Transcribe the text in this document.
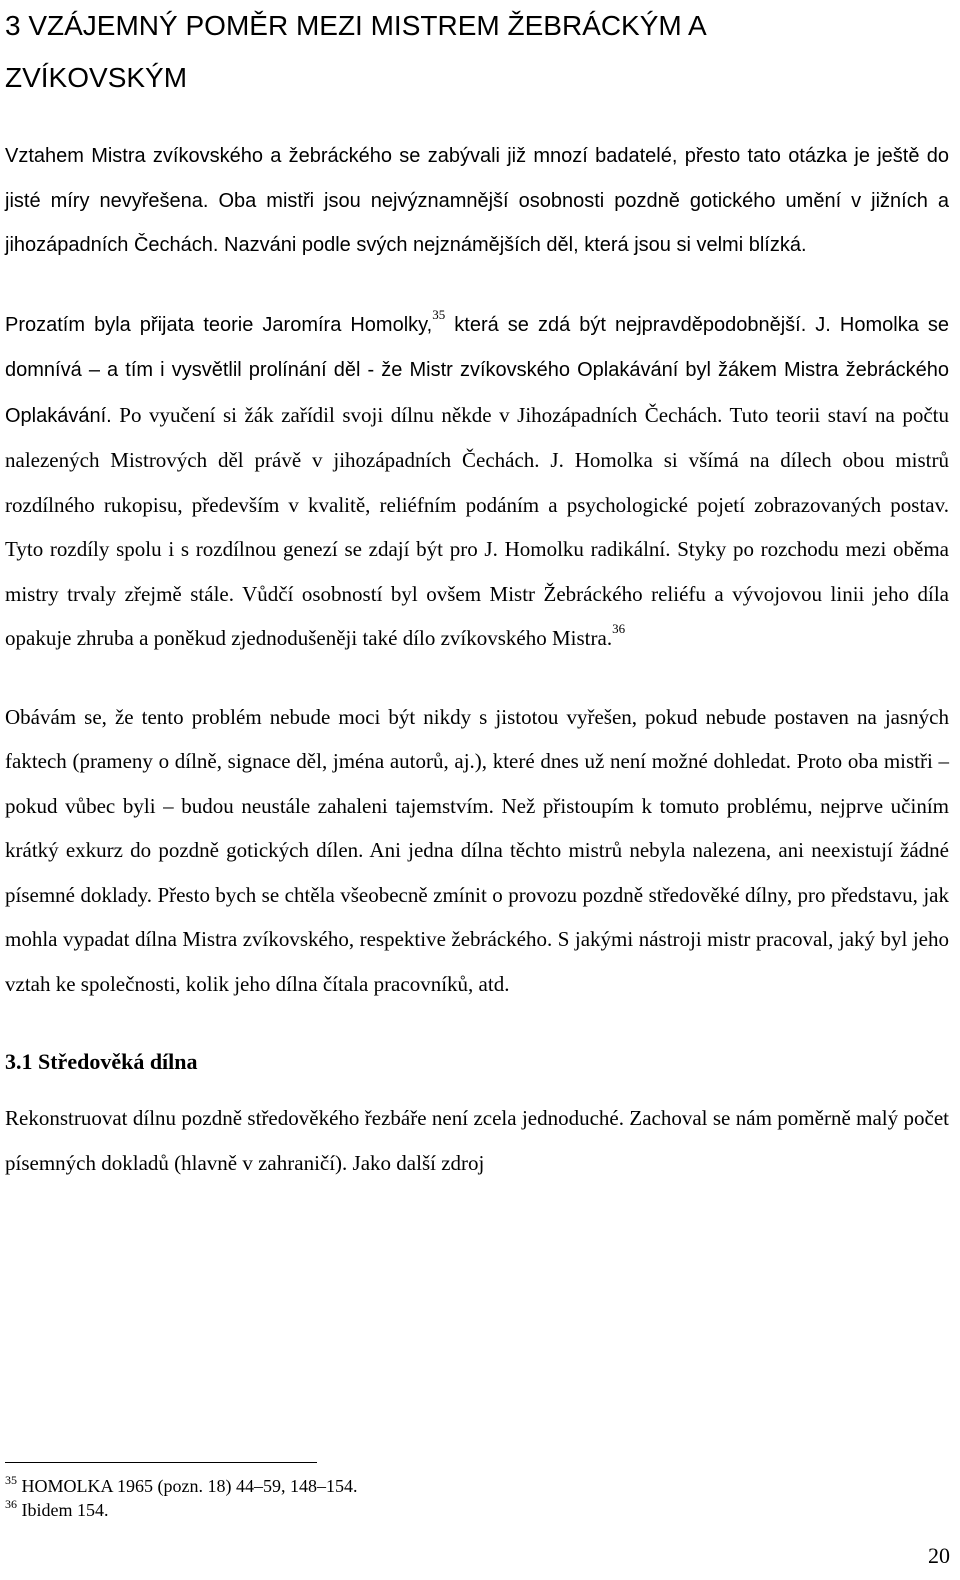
3 VZÁJEMNÝ POMĚR MEZI MISTREM ŽEBRÁCKÝM A
ZVÍKOVSKÝM

Vztahem Mistra zvíkovského a žebráckého se zabývali již mnozí badatelé, přesto tato otázka je ještě do jisté míry nevyřešena. Oba mistři jsou nejvýznamnější osobnosti pozdně gotického umění v jižních a jihozápadních Čechách. Nazváni podle svých nejznámějších děl, která jsou si velmi blízká.

Prozatím byla přijata teorie Jaromíra Homolky,$^{35}$ která se zdá být nejpravděpodobnější. J. Homolka se domnívá – a tím i vysvětlil prolínání děl - že Mistr zvíkovského Oplakávání byl žákem Mistra žebráckého Oplakávání. Po vyučení si žák zařídil svoji dílnu někde v Jihozápadních Čechách. Tuto teorii staví na počtu nalezených Mistrových děl právě v jihozápadních Čechách. J. Homolka si všímá na dílech obou mistrů rozdílného rukopisu, především v kvalitě, reliéfním podáním a psychologické pojetí zobrazovaných postav. Tyto rozdíly spolu i s rozdílnou genezí se zdají být pro J. Homolku radikální. Styky po rozchodu mezi oběma mistry trvaly zřejmě stále. Vůdčí osobností byl ovšem Mistr Žebráckého reliéfu a vývojovou linii jeho díla opakuje zhruba a poněkud zjednodušeněji také dílo zvíkovského Mistra.$^{36}$

Obávám se, že tento problém nebude moci být nikdy s jistotou vyřešen, pokud nebude postaven na jasných faktech (prameny o dílně, signace děl, jména autorů, aj.), které dnes už není možné dohledat. Proto oba mistři – pokud vůbec byli – budou neustále zahaleni tajemstvím. Než přistoupím k tomuto problému, nejprve učiním krátký exkurz do pozdně gotických dílen. Ani jedna dílna těchto mistrů nebyla nalezena, ani neexistují žádné písemné doklady. Přesto bych se chtěla všeobecně zmínit o provozu pozdně středověké dílny, pro představu, jak mohla vypadat dílna Mistra zvíkovského, respektive žebráckého. S jakými nástroji mistr pracoval, jaký byl jeho vztah ke společnosti, kolik jeho dílna čítala pracovníků, atd.

3.1 Středověká dílna

Rekonstruovat dílnu pozdně středověkého řezbáře není zcela jednoduché. Zachoval se nám poměrně malý počet písemných dokladů (hlavně v zahraničí). Jako další zdroj

$^{35}$ HOMOLKA 1965 (pozn. 18) 44–59, 148–154.
$^{36}$ Ibidem 154.
20
